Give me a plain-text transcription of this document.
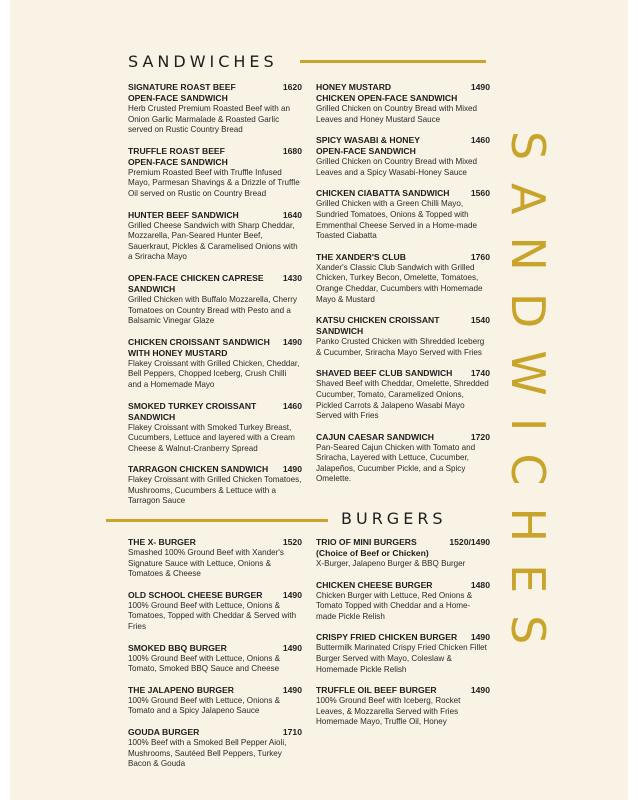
SANDWICHES
SANDWICHES
SIGNATURE ROAST BEEF
OPEN-FACE SANDWICH
1620
Herb Crusted Premium Roasted Beef with an Onion Garlic Marmalade & Roasted Garlic served on Rustic Country Bread
TRUFFLE ROAST BEEF
OPEN-FACE SANDWICH
1680
Premium Roasted Beef with Truffle Infused Mayo, Parmesan Shavings & a Drizzle of Truffle Oil served on Rustic on Country Bread
HUNTER BEEF SANDWICH	1640
Grilled Cheese Sandwich with Sharp Cheddar, Mozzarella, Pan-Seared Hunter Beef, Sauerkraut, Pickles & Caramelised Onions with a Sriracha Mayo
OPEN-FACE CHICKEN CAPRESE
SANDWICH
1430
Grilled Chicken with Buffalo Mozzarella, Cherry Tomatoes on Country Bread with Pesto and a Balsamic Vinegar Glaze
CHICKEN CROISSANT SANDWICH
WITH HONEY MUSTARD
1490
Flakey Croissant with Grilled Chicken, Cheddar, Bell Peppers, Chopped Iceberg, Crush Chilli and a Homemade Mayo
SMOKED TURKEY CROISSANT
SANDWICH
1460
Flakey Croissant with Smoked Turkey Breast, Cucumbers, Lettuce and layered with a Cream Cheese & Walnut-Cranberry Spread
TARRAGON CHICKEN SANDWICH	1490
Flakey Croissant with Grilled Chicken Tomatoes, Mushrooms, Cucumbers & Lettuce with a Tarragon Sauce
HONEY MUSTARD
CHICKEN OPEN-FACE SANDWICH
1490
Grilled Chicken on Country Bread with Mixed Leaves and Honey Mustard Sauce
SPICY WASABI & HONEY
OPEN-FACE SANDWICH
1460
Grilled Chicken on Country Bread with Mixed Leaves and a Spicy Wasabi-Honey Sauce
CHICKEN CIABATTA SANDWICH	1560
Grilled Chicken with a Green Chilli Mayo, Sundried Tomatoes, Onions & Topped with Emmenthal Cheese Served in a Home-made Toasted Ciabatta
THE XANDER'S CLUB	1760
Xander's Classic Club Sandwich with Grilled Chicken, Turkey Becon, Omelette, Tomatoes, Orange Cheddar, Cucumbers with Homemade Mayo & Mustard
KATSU CHICKEN CROISSANT
SANDWICH
1540
Panko Crusted Chicken with Shredded Iceberg & Cucumber, Sriracha Mayo Served with Fries
SHAVED BEEF CLUB SANDWICH	1740
Shaved Beef with Cheddar, Omelette, Shredded Cucumber, Tomato, Caramelized Onions, Pickled Carrots & Jalapeno Wasabi Mayo Served with Fries
CAJUN CAESAR SANDWICH	1720
Pan-Seared Cajun Chicken with Tomato and Sriracha, Layered with Lettuce, Cucumber, Jalapeños, Cucumber Pickle, and a Spicy Omelette.
BURGERS
THE X- BURGER	1520
Smashed 100% Ground Beef with Xander's Signature Sauce with Lettuce, Onions & Tomatoes & Cheese
OLD SCHOOL CHEESE BURGER	1490
100% Ground Beef with Lettuce, Onions & Tomatoes, Topped with Cheddar & Served with Fries
SMOKED BBQ BURGER	1490
100% Ground Beef with Lettuce, Onions & Tomato, Smoked BBQ Sauce and Cheese
THE JALAPENO BURGER	1490
100% Ground Beef with Lettuce, Onions & Tomato and a Spicy Jalapeno Sauce
GOUDA BURGER	1710
100% Beef with a Smoked Bell Pepper Aioli, Mushrooms, Sautéed Bell Peppers, Turkey Bacon & Gouda
TRIO OF MINI BURGERS
(Choice of Beef or Chicken)
1520/1490
X-Burger, Jalapeno Burger & BBQ Burger
CHICKEN CHEESE BURGER	1480
Chicken Burger with Lettuce, Red Onions & Tomato Topped with Cheddar and a Home-made Pickle Relish
CRISPY FRIED CHICKEN BURGER	1490
Buttermilk Marinated Crispy Fried Chicken Fillet Burger Served with Mayo, Coleslaw & Homemade Pickle Relish
TRUFFLE OIL BEEF BURGER	1490
100% Ground Beef with Iceberg, Rocket Leaves, & Mozzarella Served with Fries Homemade Mayo, Truffle Oil, Honey
